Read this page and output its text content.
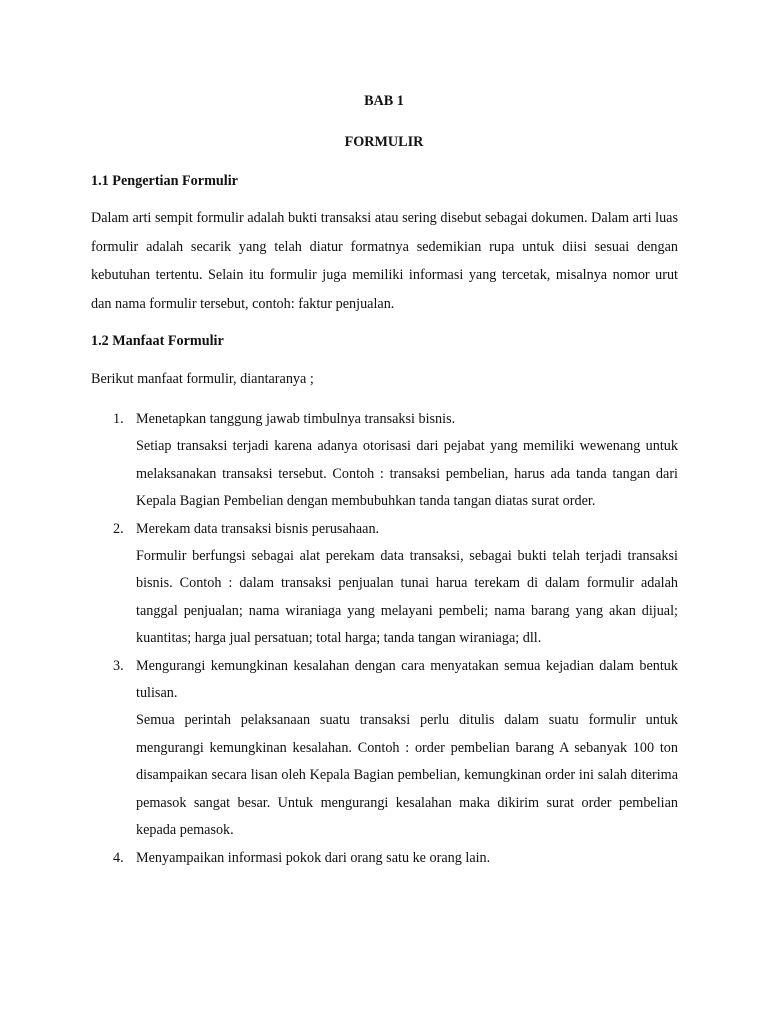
BAB 1
FORMULIR
1.1 Pengertian Formulir

Dalam arti sempit formulir adalah bukti transaksi atau sering disebut sebagai dokumen. Dalam arti luas formulir adalah secarik yang telah diatur formatnya sedemikian rupa untuk diisi sesuai dengan kebutuhan tertentu. Selain itu formulir juga memiliki informasi yang tercetak, misalnya nomor urut dan nama formulir tersebut, contoh: faktur penjualan.

1.2 Manfaat Formulir

Berikut manfaat formulir, diantaranya ;

1. Menetapkan tanggung jawab timbulnya transaksi bisnis.

Setiap transaksi terjadi karena adanya otorisasi dari pejabat yang memiliki wewenang untuk melaksanakan transaksi tersebut. Contoh : transaksi pembelian, harus ada tanda tangan dari Kepala Bagian Pembelian dengan membubuhkan tanda tangan diatas surat order.

2. Merekam data transaksi bisnis perusahaan.

Formulir berfungsi sebagai alat perekam data transaksi, sebagai bukti telah terjadi transaksi bisnis. Contoh : dalam transaksi penjualan tunai harua terekam di dalam formulir adalah tanggal penjualan; nama wiraniaga yang melayani pembeli; nama barang yang akan dijual; kuantitas; harga jual persatuan; total harga; tanda tangan wiraniaga; dll.

3. Mengurangi kemungkinan kesalahan dengan cara menyatakan semua kejadian dalam bentuk tulisan.

Semua perintah pelaksanaan suatu transaksi perlu ditulis dalam suatu formulir untuk mengurangi kemungkinan kesalahan. Contoh : order pembelian barang A sebanyak 100 ton disampaikan secara lisan oleh Kepala Bagian pembelian, kemungkinan order ini salah diterima pemasok sangat besar. Untuk mengurangi kesalahan maka dikirim surat order pembelian kepada pemasok.

4. Menyampaikan informasi pokok dari orang satu ke orang lain.
